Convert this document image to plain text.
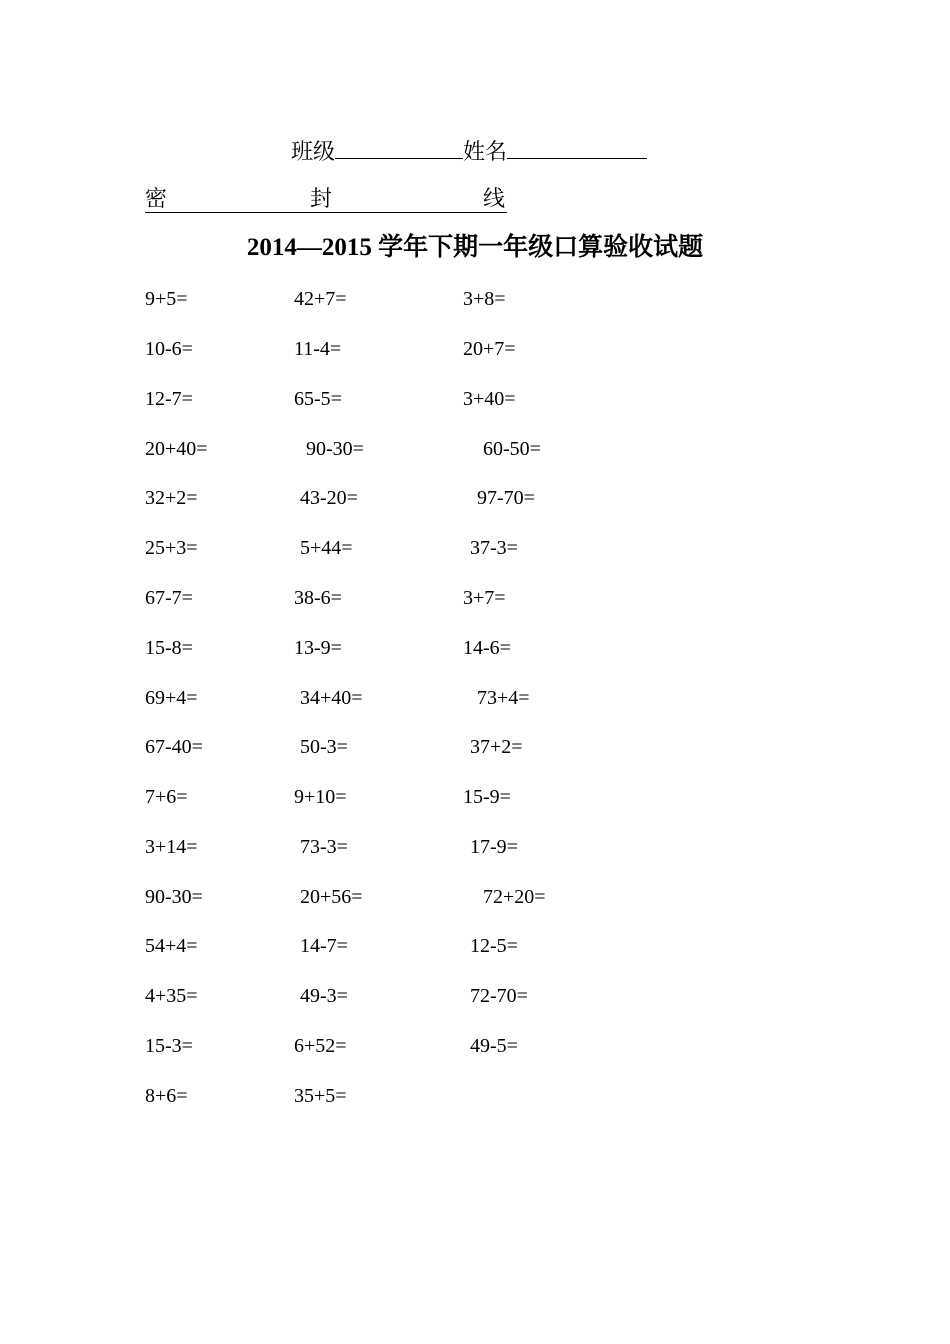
班级	姓名
密	封	线
2014—2015 学年下期一年级口算验收试题
9+5=	42+7=	3+8=
10-6=	11-4=	20+7=
12-7=	65-5=	3+40=
20+40=	90-30=	60-50=
32+2=	43-20=	97-70=
25+3=	5+44=	37-3=
67-7=	38-6=	3+7=
15-8=	13-9=	14-6=
69+4=	34+40=	73+4=
67-40=	50-3=	37+2=
7+6=	9+10=	15-9=
3+14=	73-3=	17-9=
90-30=	20+56=	72+20=
54+4=	14-7=	12-5=
4+35=	49-3=	72-70=
15-3=	6+52=	49-5=
8+6=	35+5=
